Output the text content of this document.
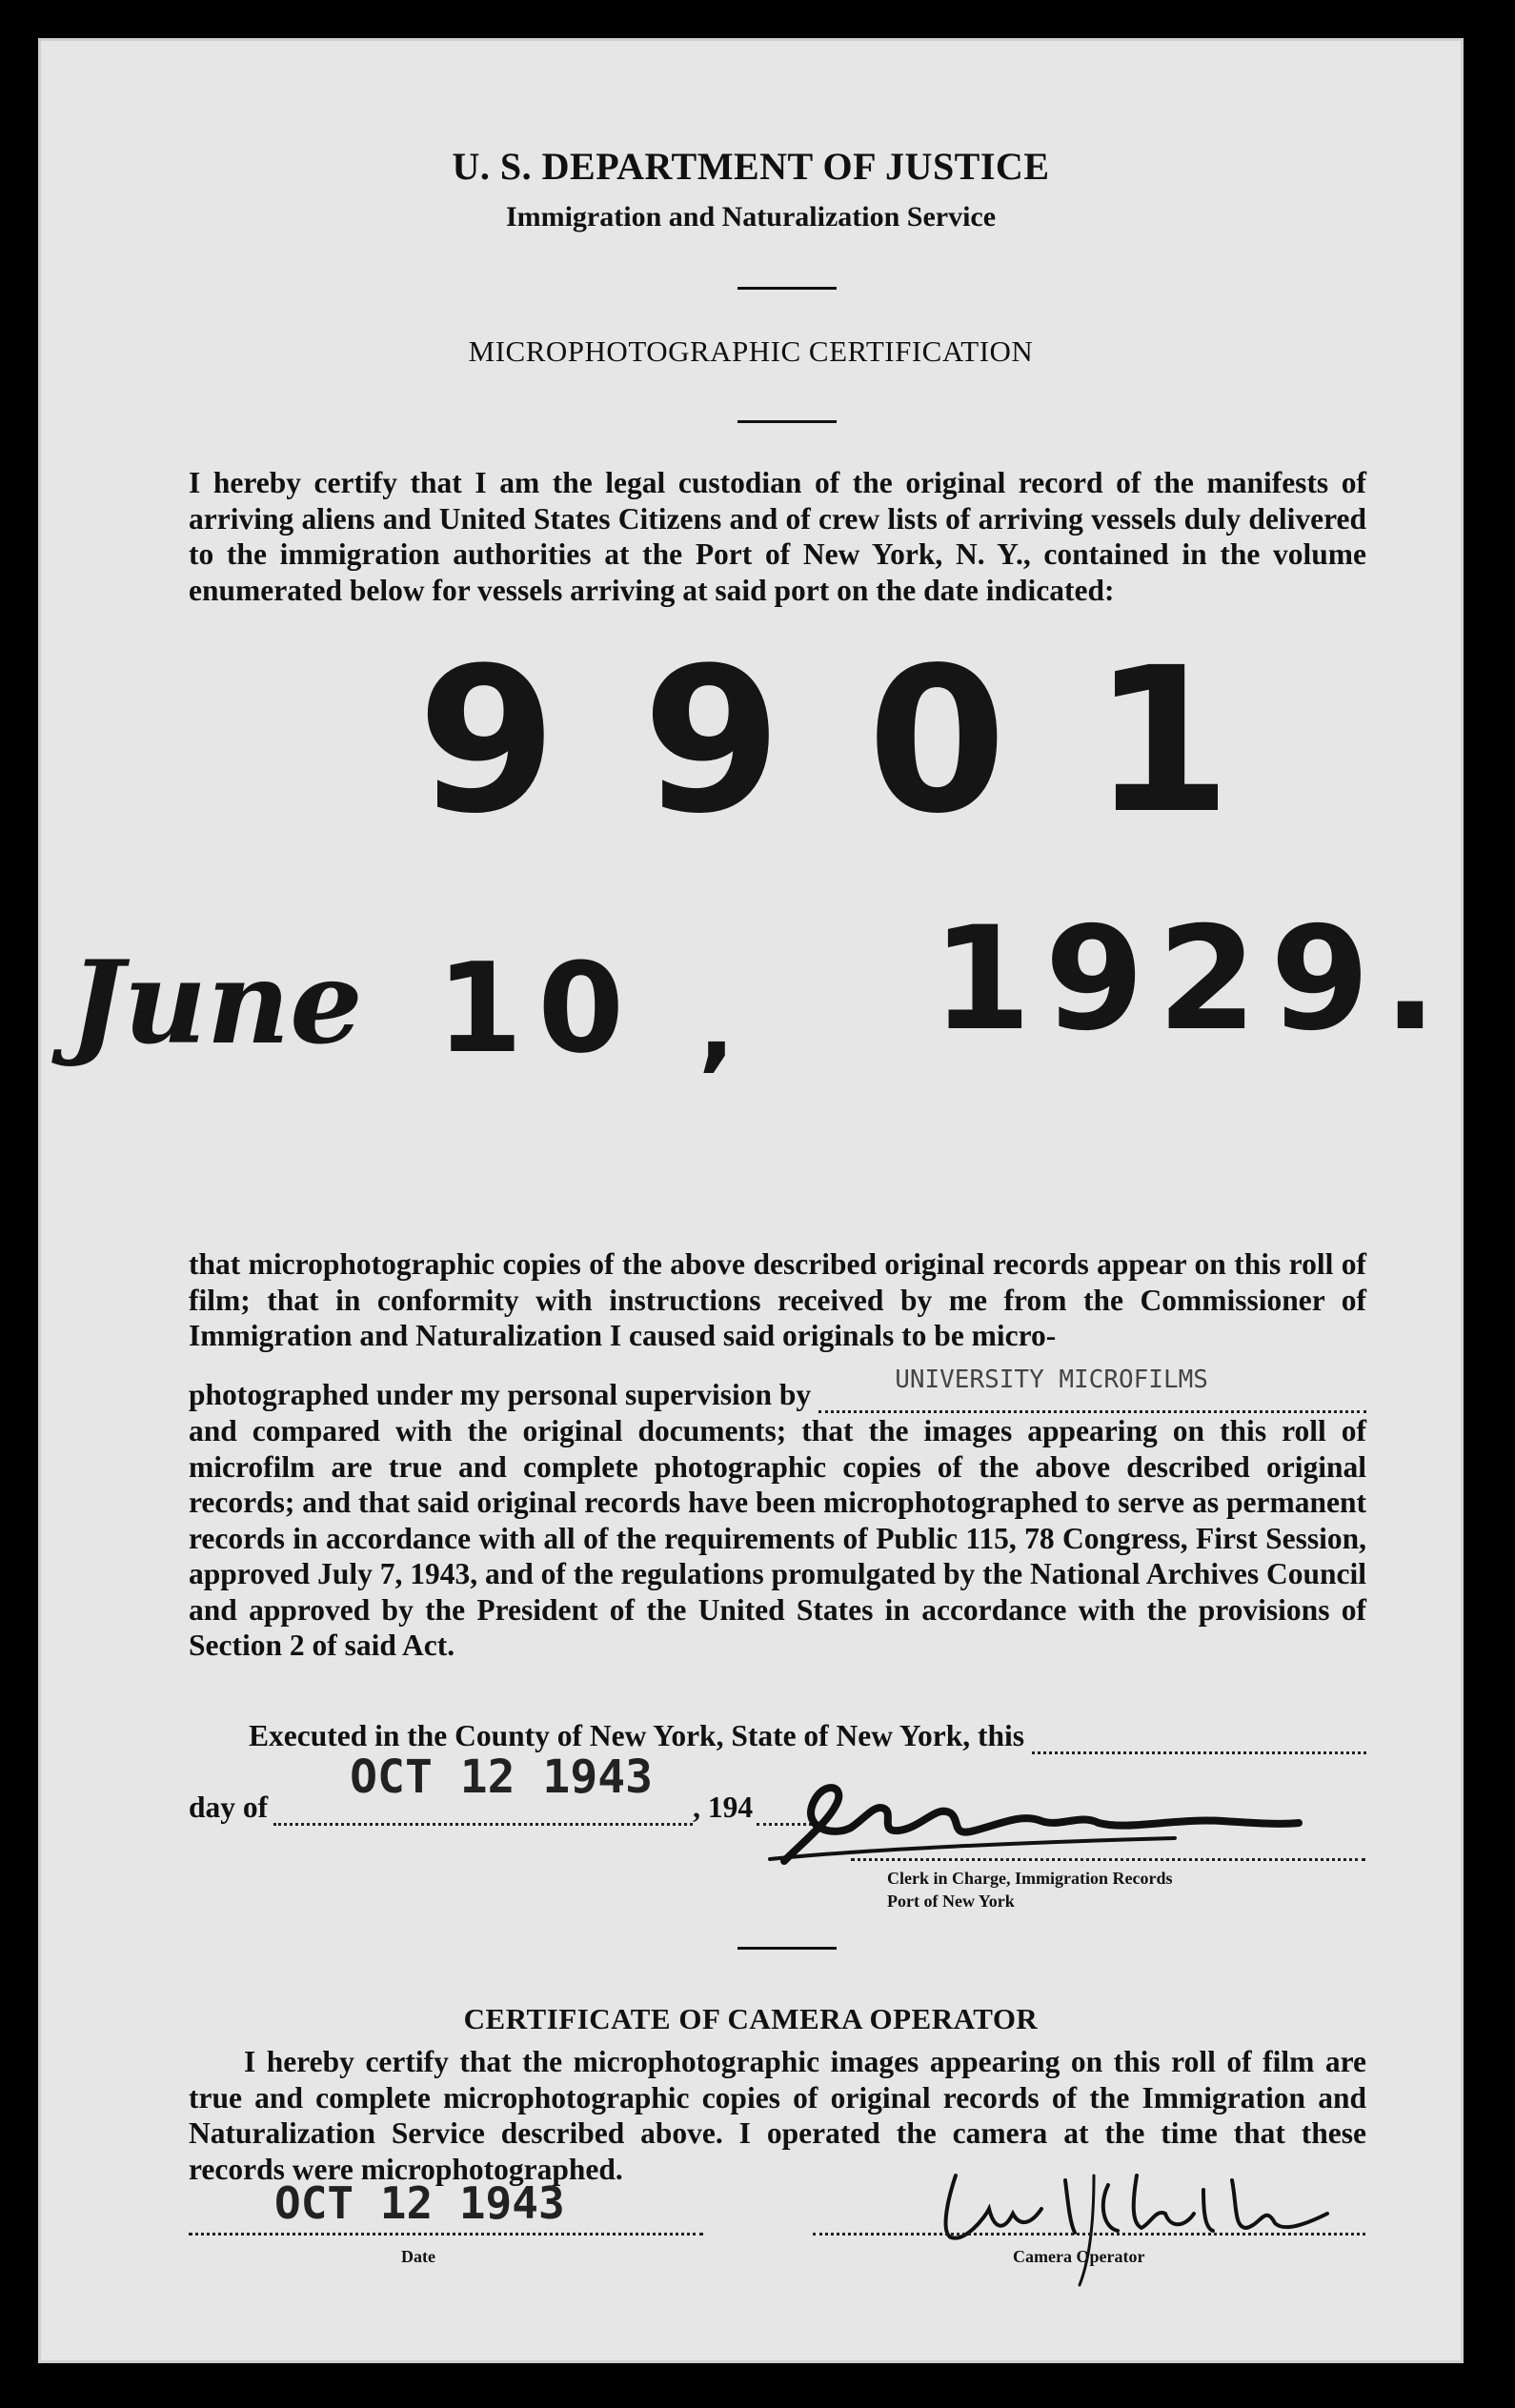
U. S. DEPARTMENT OF JUSTICE
Immigration and Naturalization Service
MICROPHOTOGRAPHIC CERTIFICATION
I hereby certify that I am the legal custodian of the original record of the manifests of arriving aliens and United States Citizens and of crew lists of arriving vessels duly delivered to the immigration authorities at the Port of New York, N. Y., contained in the volume enumerated below for vessels arriving at said port on the date indicated:
9901
June 10 , 1929.
that microphotographic copies of the above described original records appear on this roll of film; that in conformity with instructions received by me from the Commissioner of Immigration and Naturalization I caused said originals to be micro-
photographed under my personal supervision by	UNIVERSITY MICROFILMS
and compared with the original documents; that the images appearing on this roll of microfilm are true and complete photographic copies of the above described original records; and that said original records have been microphotographed to serve as permanent records in accordance with all of the requirements of Public 115, 78 Congress, First Session, approved July 7, 1943, and of the regulations promulgated by the National Archives Council and approved by the President of the United States in accordance with the provisions of Section 2 of said Act.
Executed in the County of New York, State of New York, this
day of
OCT 12 1943
, 194
Clerk in Charge, Immigration Records
Port of New York
CERTIFICATE OF CAMERA OPERATOR
I hereby certify that the microphotographic images appearing on this roll of film are true and complete microphotographic copies of original records of the Immigration and Naturalization Service described above. I operated the camera at the time that these records were microphotographed.
OCT 12 1943
Date	Camera Operator
